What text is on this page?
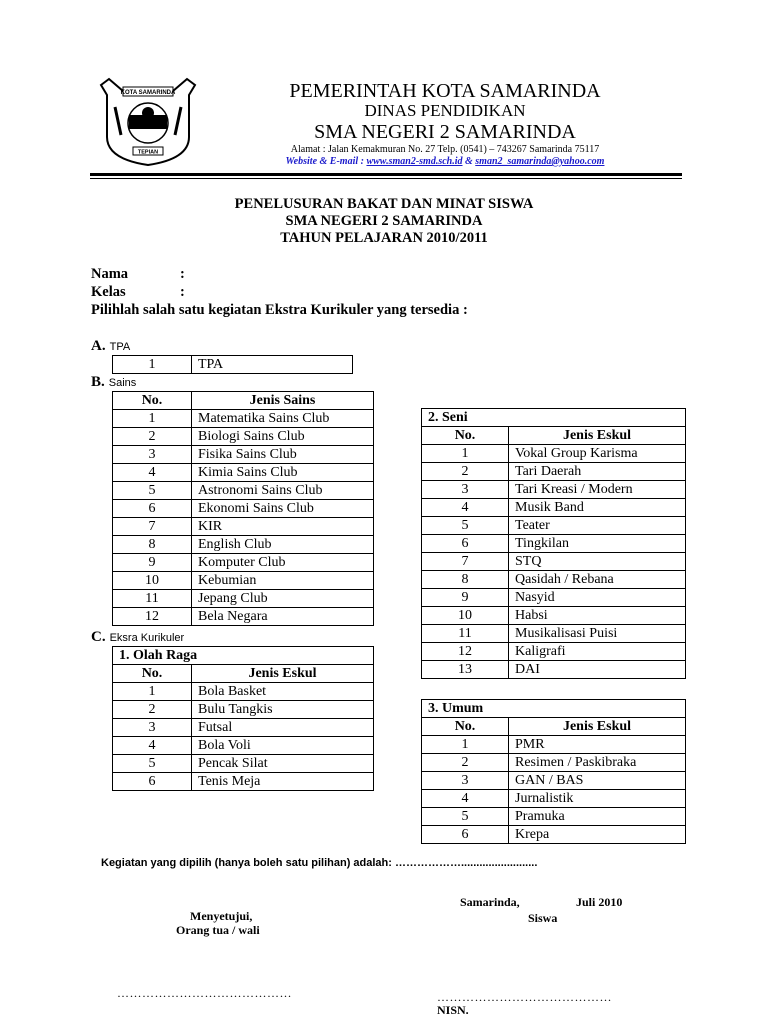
KOTA SAMARINDA
TEPIAN
PEMERINTAH KOTA SAMARINDA
DINAS PENDIDIKAN
SMA NEGERI 2 SAMARINDA
Alamat : Jalan Kemakmuran No. 27 Telp. (0541) – 743267 Samarinda 75117
Website & E-mail : www.sman2-smd.sch.id & sman2_samarinda@yahoo.com
PENELUSURAN BAKAT DAN MINAT SISWA
SMA NEGERI 2 SAMARINDA
TAHUN PELAJARAN 2010/2011
Nama	:
Kelas	:
Pilihlah salah satu kegiatan Ekstra Kurikuler yang tersedia :
A. TPA
1	TPA
B. Sains
No.	Jenis Sains
1	Matematika Sains Club
2	Biologi Sains Club
3	Fisika Sains Club
4	Kimia Sains Club
5	Astronomi Sains Club
6	Ekonomi Sains Club
7	KIR
8	English Club
9	Komputer Club
10	Kebumian
11	Jepang Club
12	Bela Negara
C. Eksra Kurikuler
1. Olah Raga	
No.	Jenis Eskul
1	Bola Basket
2	Bulu Tangkis
3	Futsal
4	Bola Voli
5	Pencak Silat
6	Tenis Meja
2. Seni	
No.	Jenis Eskul
1	Vokal Group Karisma
2	Tari Daerah
3	Tari Kreasi / Modern
4	Musik Band
5	Teater
6	Tingkilan
7	STQ
8	Qasidah / Rebana
9	Nasyid
10	Habsi
11	Musikalisasi Puisi
12	Kaligrafi
13	DAI
3. Umum	
No.	Jenis Eskul
1	PMR
2	Resimen / Paskibraka
3	GAN / BAS
4	Jurnalistik
5	Pramuka
6	Krepa
Kegiatan yang dipilih (hanya boleh satu pilihan) adalah: ……………….........................
Samarinda,	Juli 2010
Siswa
Menyetujui,
Orang tua / wali
……………………………………	……………………………………
NISN.
